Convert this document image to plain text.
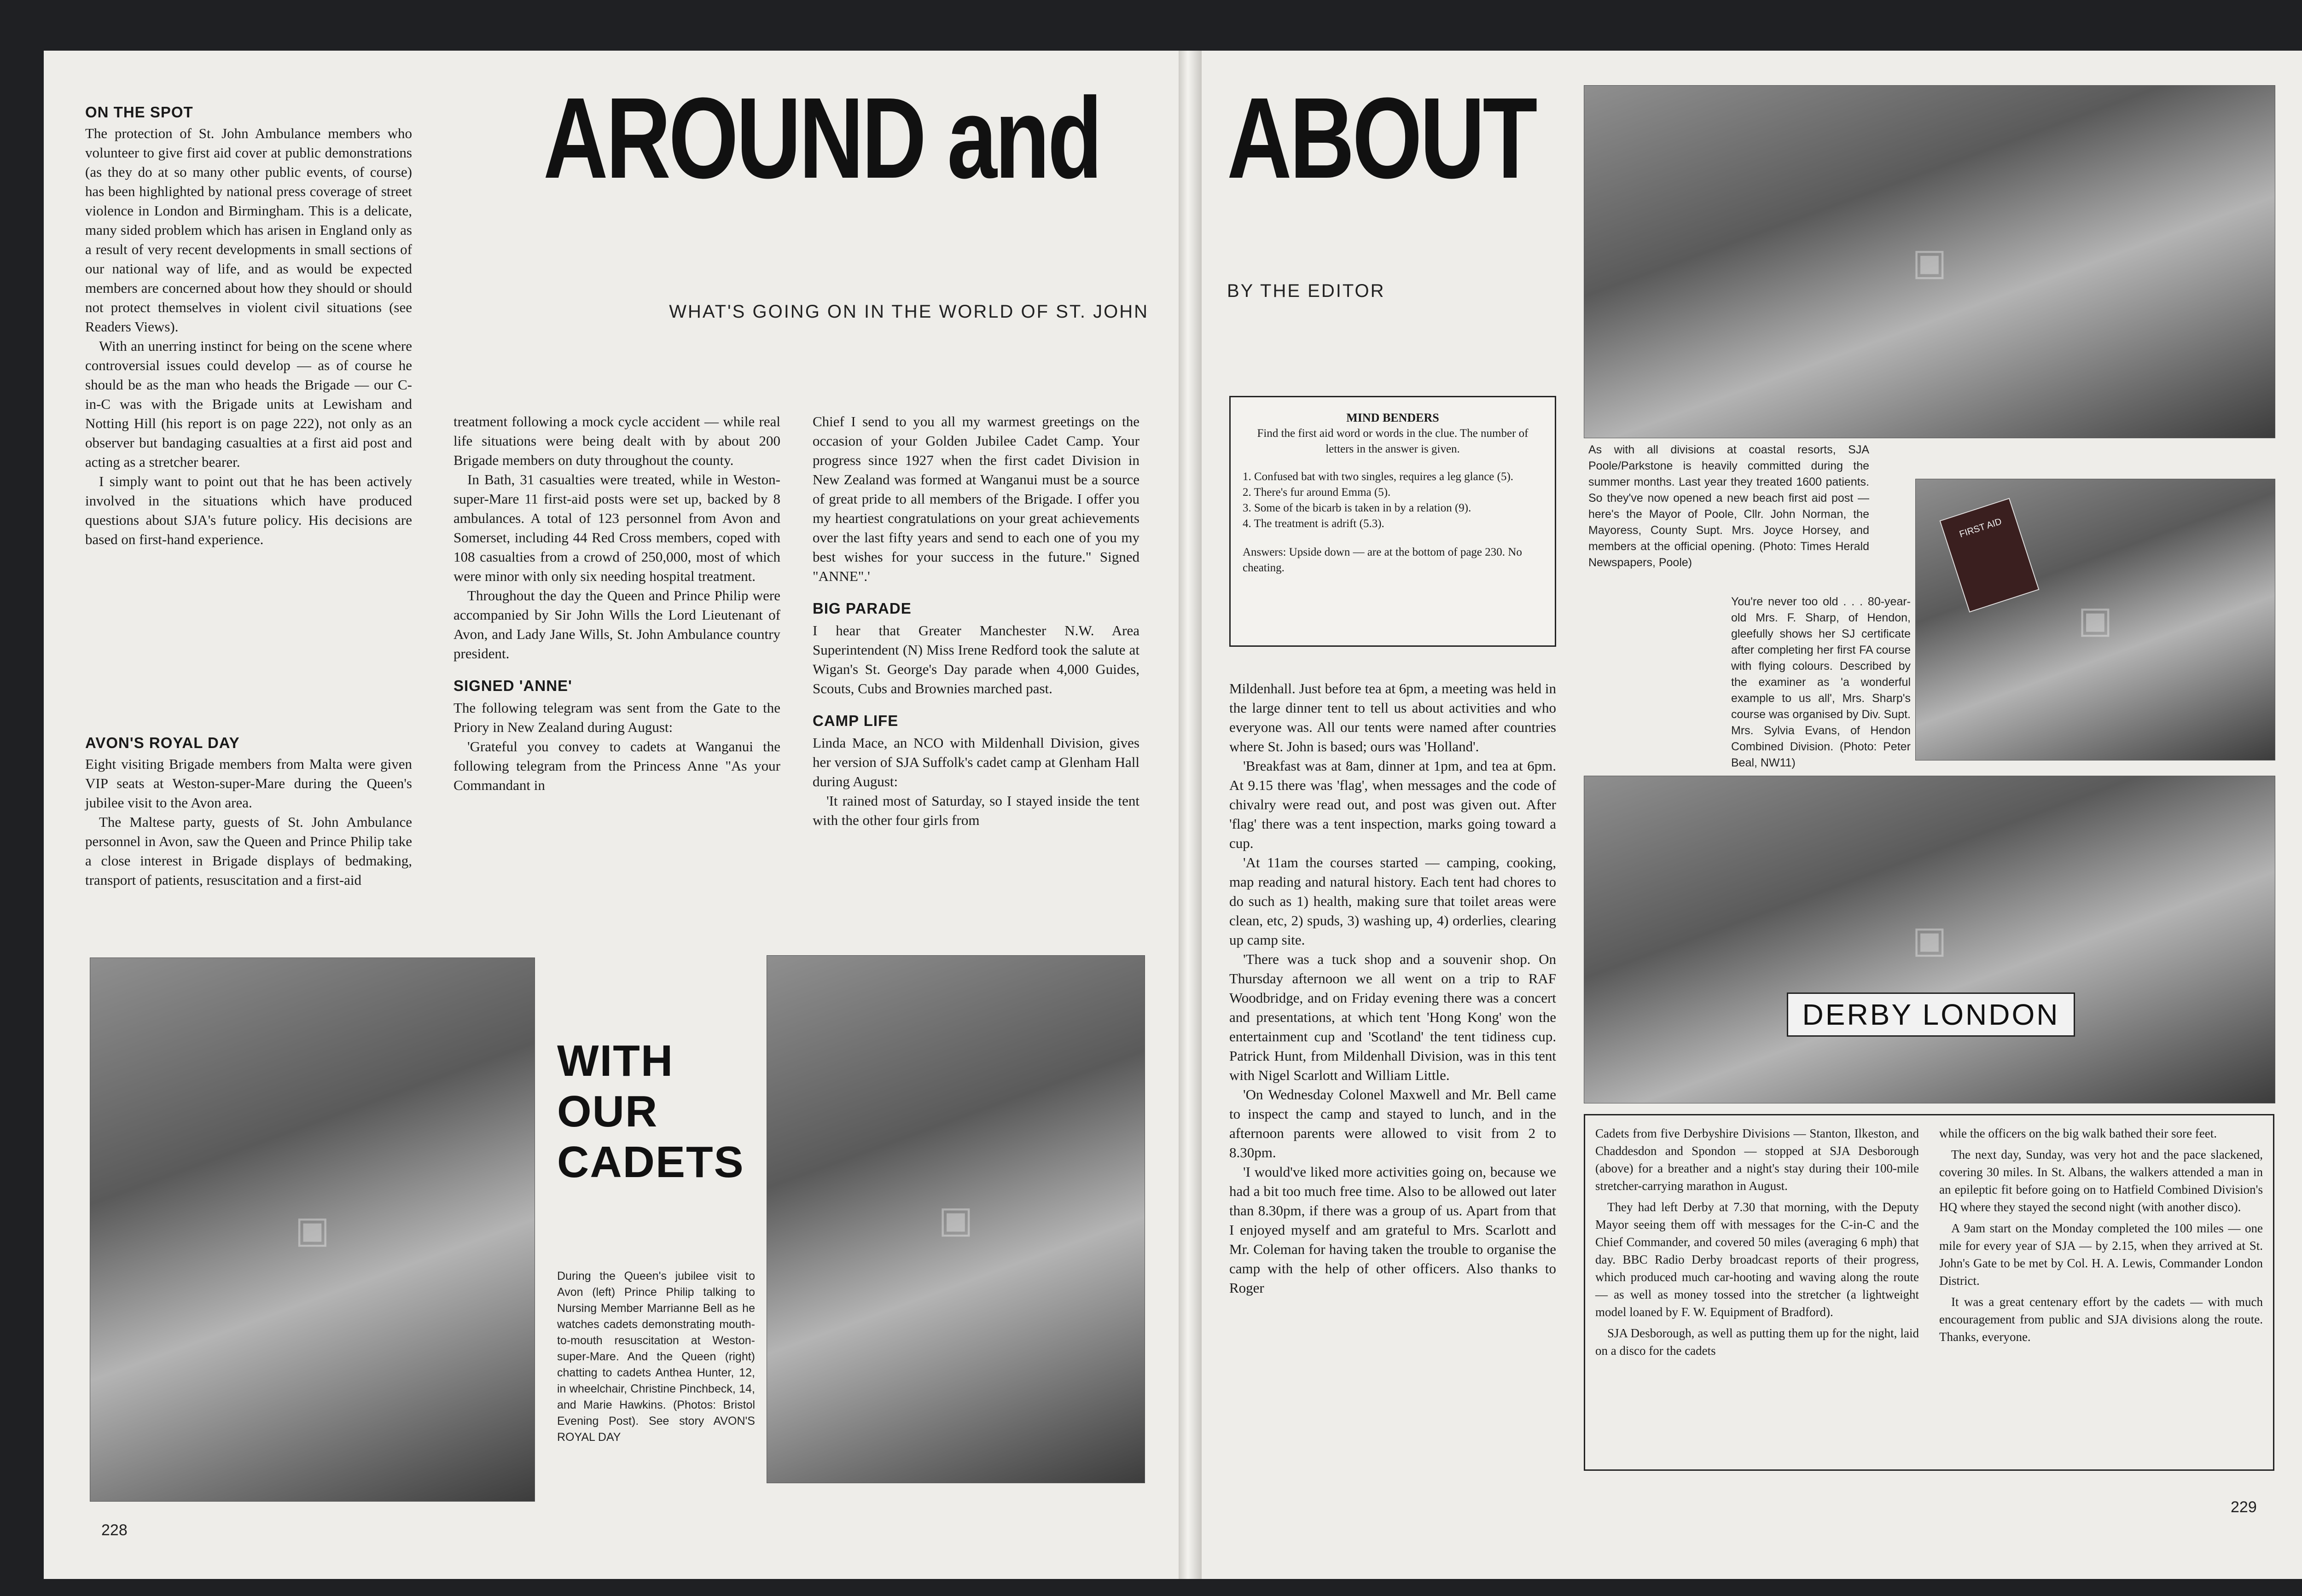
ON THE SPOT

The protection of St. John Ambulance members who volunteer to give first aid cover at public demonstrations (as they do at so many other public events, of course) has been highlighted by national press coverage of street violence in London and Birmingham. This is a delicate, many sided problem which has arisen in England only as a result of very recent developments in small sections of our national way of life, and as would be expected members are concerned about how they should or should not protect themselves in violent civil situations (see Readers Views).

With an unerring instinct for being on the scene where controversial issues could develop — as of course he should be as the man who heads the Brigade — our C-in-C was with the Brigade units at Lewisham and Notting Hill (his report is on page 222), not only as an observer but bandaging casualties at a first aid post and acting as a stretcher bearer.

I simply want to point out that he has been actively involved in the situations which have produced questions about SJA's future policy. His decisions are based on first-hand experience.

AVON'S ROYAL DAY

Eight visiting Brigade members from Malta were given VIP seats at Weston-super-Mare during the Queen's jubilee visit to the Avon area.

The Maltese party, guests of St. John Ambulance personnel in Avon, saw the Queen and Prince Philip take a close interest in Brigade displays of bedmaking, transport of patients, resuscitation and a first-aid

AROUND and
WHAT'S GOING ON IN THE WORLD OF ST. JOHN

treatment following a mock cycle accident — while real life situations were being dealt with by about 200 Brigade members on duty throughout the county.

In Bath, 31 casualties were treated, while in Weston-super-Mare 11 first-aid posts were set up, backed by 8 ambulances. A total of 123 personnel from Avon and Somerset, including 44 Red Cross members, coped with 108 casualties from a crowd of 250,000, most of which were minor with only six needing hospital treatment.

Throughout the day the Queen and Prince Philip were accompanied by Sir John Wills the Lord Lieutenant of Avon, and Lady Jane Wills, St. John Ambulance country president.

SIGNED 'ANNE'

The following telegram was sent from the Gate to the Priory in New Zealand during August:

'Grateful you convey to cadets at Wanganui the following telegram from the Princess Anne "As your Commandant in

Chief I send to you all my warmest greetings on the occasion of your Golden Jubilee Cadet Camp. Your progress since 1927 when the first cadet Division in New Zealand was formed at Wanganui must be a source of great pride to all members of the Brigade. I offer you my heartiest congratulations on your great achievements over the last fifty years and send to each one of you my best wishes for your success in the future." Signed "ANNE".'

BIG PARADE

I hear that Greater Manchester N.W. Area Superintendent (N) Miss Irene Redford took the salute at Wigan's St. George's Day parade when 4,000 Guides, Scouts, Cubs and Brownies marched past.

CAMP LIFE

Linda Mace, an NCO with Mildenhall Division, gives her version of SJA Suffolk's cadet camp at Glenham Hall during August:

'It rained most of Saturday, so I stayed inside the tent with the other four girls from

▣
WITH
OUR
CADETS
During the Queen's jubilee visit to Avon (left) Prince Philip talking to Nursing Member Marrianne Bell as he watches cadets demonstrating mouth-to-mouth resuscitation at Weston-super-Mare. And the Queen (right) chatting to cadets Anthea Hunter, 12, in wheelchair, Christine Pinchbeck, 14, and Marie Hawkins. (Photos: Bristol Evening Post). See story AVON'S ROYAL DAY
▣
228
ABOUT
BY THE EDITOR
MIND BENDERS
Find the first aid word or words in the clue. The number of letters in the answer is given.

1. Confused bat with two singles, requires a leg glance (5).

2. There's fur around Emma (5).

3. Some of the bicarb is taken in by a relation (9).

4. The treatment is adrift (5.3).

Answers: Upside down — are at the bottom of page 230. No cheating.

Mildenhall. Just before tea at 6pm, a meeting was held in the large dinner tent to tell us about activities and who everyone was. All our tents were named after countries where St. John is based; ours was 'Holland'.

'Breakfast was at 8am, dinner at 1pm, and tea at 6pm. At 9.15 there was 'flag', when messages and the code of chivalry were read out, and post was given out. After 'flag' there was a tent inspection, marks going toward a cup.

'At 11am the courses started — camping, cooking, map reading and natural history. Each tent had chores to do such as 1) health, making sure that toilet areas were clean, etc, 2) spuds, 3) washing up, 4) orderlies, clearing up camp site.

'There was a tuck shop and a souvenir shop. On Thursday afternoon we all went on a trip to RAF Woodbridge, and on Friday evening there was a concert and presentations, at which tent 'Hong Kong' won the entertainment cup and 'Scotland' the tent tidiness cup. Patrick Hunt, from Mildenhall Division, was in this tent with Nigel Scarlott and William Little.

'On Wednesday Colonel Maxwell and Mr. Bell came to inspect the camp and stayed to lunch, and in the afternoon parents were allowed to visit from 2 to 8.30pm.

'I would've liked more activities going on, because we had a bit too much free time. Also to be allowed out later than 8.30pm, if there was a group of us. Apart from that I enjoyed myself and am grateful to Mrs. Scarlott and Mr. Coleman for having taken the trouble to organise the camp with the help of other officers. Also thanks to Roger

▣
As with all divisions at coastal resorts, SJA Poole/Parkstone is heavily committed during the summer months. Last year they treated 1600 patients. So they've now opened a new beach first aid post — here's the Mayor of Poole, Cllr. John Norman, the Mayoress, County Supt. Mrs. Joyce Horsey, and members at the official opening. (Photo: Times Herald Newspapers, Poole)
▣
FIRST AID
You're never too old . . . 80-year-old Mrs. F. Sharp, of Hendon, gleefully shows her SJ certificate after completing her first FA course with flying colours. Described by the examiner as 'a wonderful example to us all', Mrs. Sharp's course was organised by Div. Supt. Mrs. Sylvia Evans, of Hendon Combined Division. (Photo: Peter Beal, NW11)
▣
DERBY LONDON

Cadets from five Derbyshire Divisions — Stanton, Ilkeston, and Chaddesdon and Spondon — stopped at SJA Desborough (above) for a breather and a night's stay during their 100-mile stretcher-carrying marathon in August.

They had left Derby at 7.30 that morning, with the Deputy Mayor seeing them off with messages for the C-in-C and the Chief Commander, and covered 50 miles (averaging 6 mph) that day. BBC Radio Derby broadcast reports of their progress, which produced much car-hooting and waving along the route — as well as money tossed into the stretcher (a lightweight model loaned by F. W. Equipment of Bradford).

SJA Desborough, as well as putting them up for the night, laid on a disco for the cadets

while the officers on the big walk bathed their sore feet.

The next day, Sunday, was very hot and the pace slackened, covering 30 miles. In St. Albans, the walkers attended a man in an epileptic fit before going on to Hatfield Combined Division's HQ where they stayed the second night (with another disco).

A 9am start on the Monday completed the 100 miles — one mile for every year of SJA — by 2.15, when they arrived at St. John's Gate to be met by Col. H. A. Lewis, Commander London District.

It was a great centenary effort by the cadets — with much encouragement from public and SJA divisions along the route. Thanks, everyone.

229
